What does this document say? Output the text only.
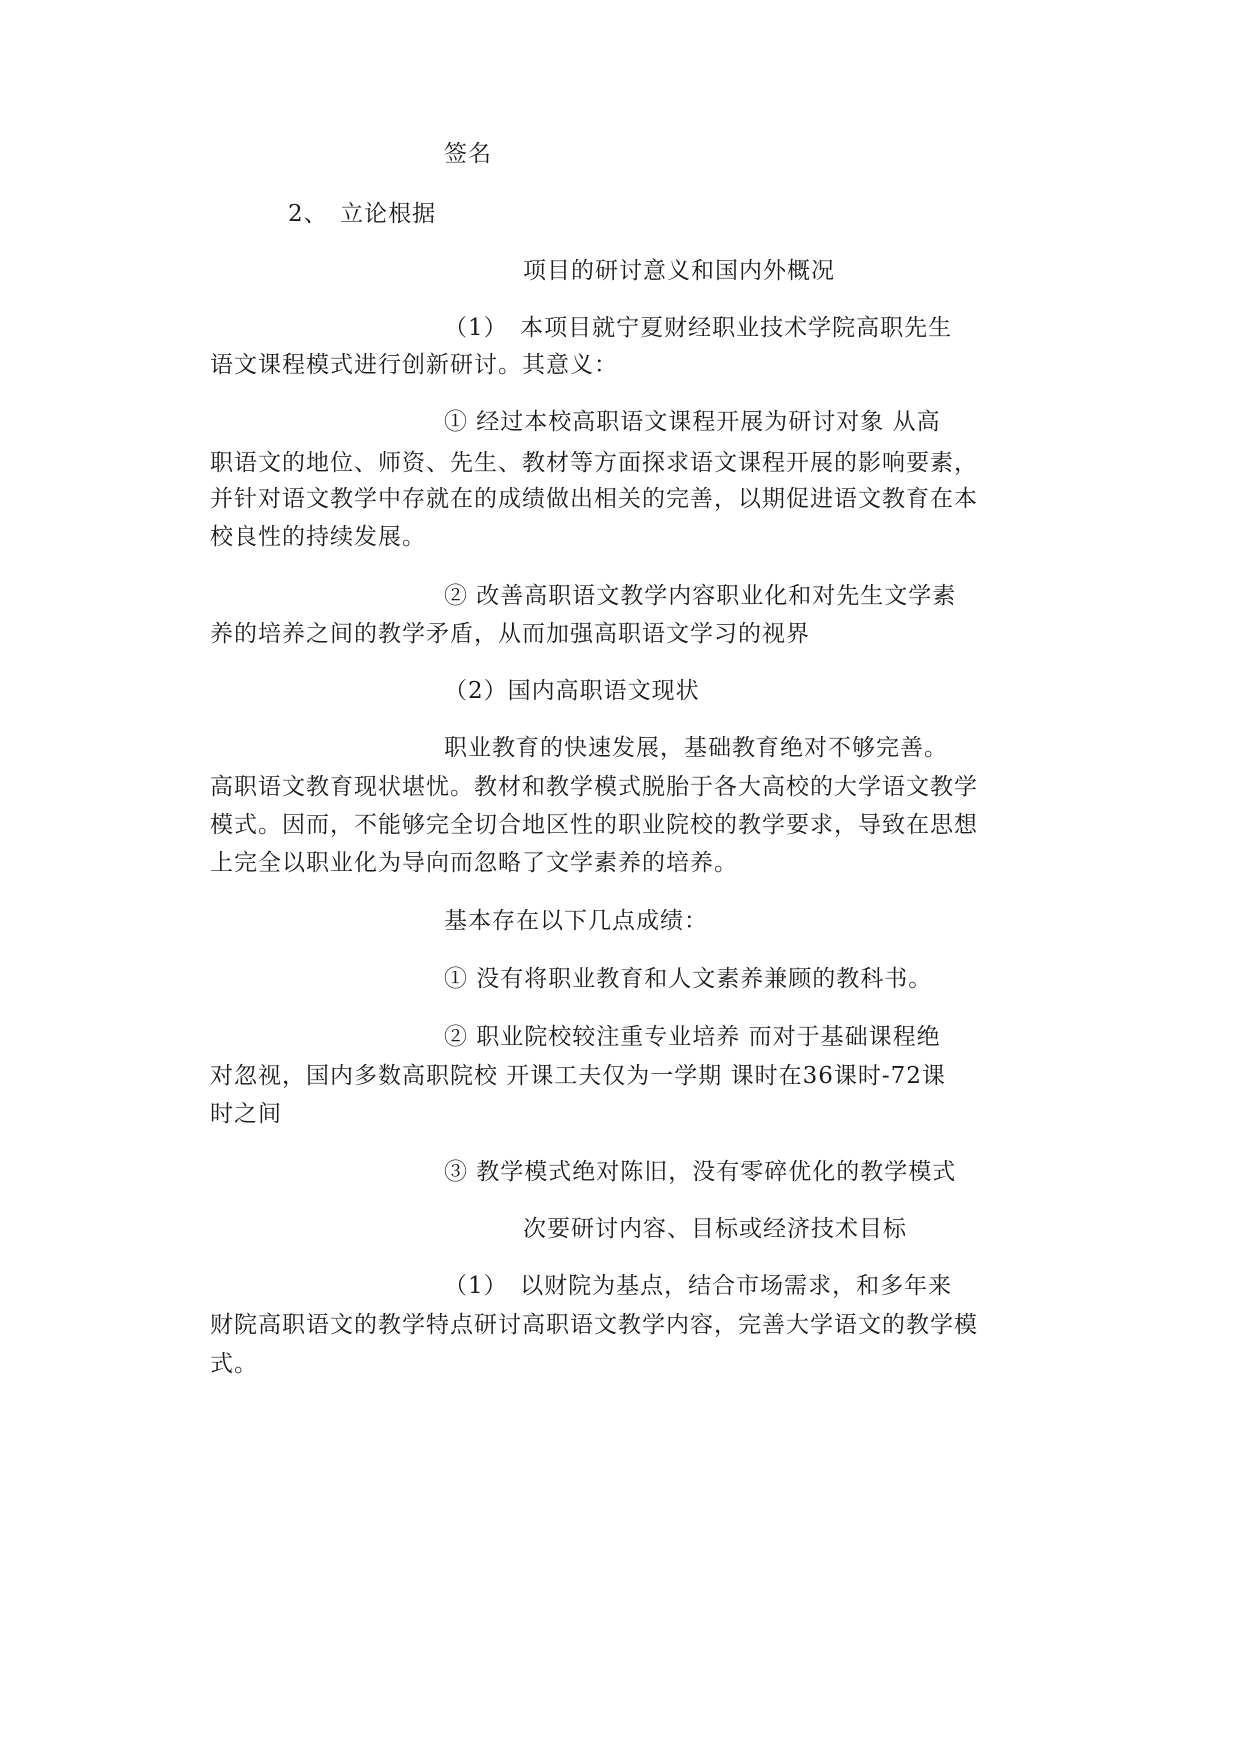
签名
2、　立论根据
项目的研讨意义和国内外概况
（1）　本项目就宁夏财经职业技术学院高职先生
语文课程模式进行创新研讨。其意义：
① 经过本校高职语文课程开展为研讨对象 从高
职语文的地位、师资、先生、教材等方面探求语文课程开展的影响要素，
并针对语文教学中存就在的成绩做出相关的完善，以期促进语文教育在本
校良性的持续发展。
② 改善高职语文教学内容职业化和对先生文学素
养的培养之间的教学矛盾，从而加强高职语文学习的视界
（2）国内高职语文现状
职业教育的快速发展，基础教育绝对不够完善。
高职语文教育现状堪忧。教材和教学模式脱胎于各大高校的大学语文教学
模式。因而，不能够完全切合地区性的职业院校的教学要求，导致在思想
上完全以职业化为导向而忽略了文学素养的培养。
基本存在以下几点成绩：
① 没有将职业教育和人文素养兼顾的教科书。
② 职业院校较注重专业培养 而对于基础课程绝
对忽视，国内多数高职院校 开课工夫仅为一学期 课时在36课时-72课
时之间
③ 教学模式绝对陈旧，没有零碎优化的教学模式
次要研讨内容、目标或经济技术目标
（1）　以财院为基点，结合市场需求，和多年来
财院高职语文的教学特点研讨高职语文教学内容，完善大学语文的教学模
式。
